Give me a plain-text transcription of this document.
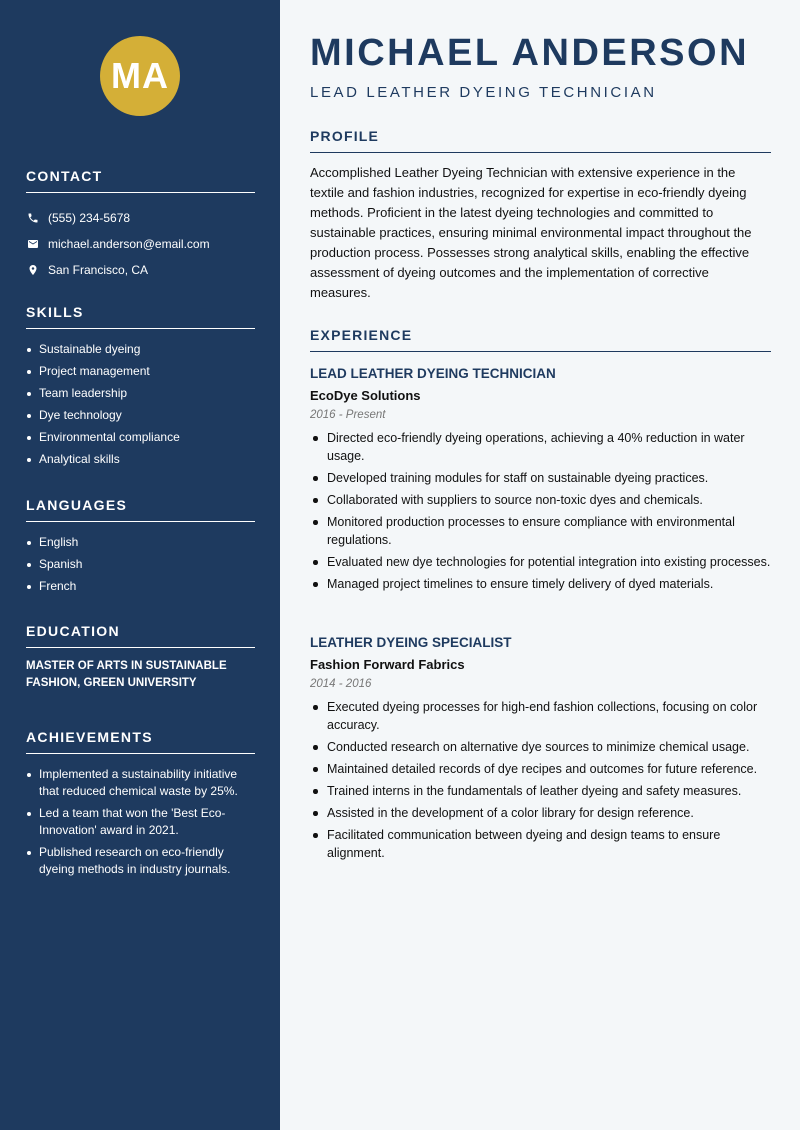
MA
CONTACT
(555) 234-5678
michael.anderson@email.com
San Francisco, CA
SKILLS
Sustainable dyeing
Project management
Team leadership
Dye technology
Environmental compliance
Analytical skills
LANGUAGES
English
Spanish
French
EDUCATION
MASTER OF ARTS IN SUSTAINABLE FASHION, GREEN UNIVERSITY
ACHIEVEMENTS
Implemented a sustainability initiative that reduced chemical waste by 25%.
Led a team that won the 'Best Eco-Innovation' award in 2021.
Published research on eco-friendly dyeing methods in industry journals.
MICHAEL ANDERSON
LEAD LEATHER DYEING TECHNICIAN
PROFILE
Accomplished Leather Dyeing Technician with extensive experience in the textile and fashion industries, recognized for expertise in eco-friendly dyeing methods. Proficient in the latest dyeing technologies and committed to sustainable practices, ensuring minimal environmental impact throughout the production process. Possesses strong analytical skills, enabling the effective assessment of dyeing outcomes and the implementation of corrective measures.
EXPERIENCE
LEAD LEATHER DYEING TECHNICIAN
EcoDye Solutions
2016 - Present
Directed eco-friendly dyeing operations, achieving a 40% reduction in water usage.
Developed training modules for staff on sustainable dyeing practices.
Collaborated with suppliers to source non-toxic dyes and chemicals.
Monitored production processes to ensure compliance with environmental regulations.
Evaluated new dye technologies for potential integration into existing processes.
Managed project timelines to ensure timely delivery of dyed materials.
LEATHER DYEING SPECIALIST
Fashion Forward Fabrics
2014 - 2016
Executed dyeing processes for high-end fashion collections, focusing on color accuracy.
Conducted research on alternative dye sources to minimize chemical usage.
Maintained detailed records of dye recipes and outcomes for future reference.
Trained interns in the fundamentals of leather dyeing and safety measures.
Assisted in the development of a color library for design reference.
Facilitated communication between dyeing and design teams to ensure alignment.
